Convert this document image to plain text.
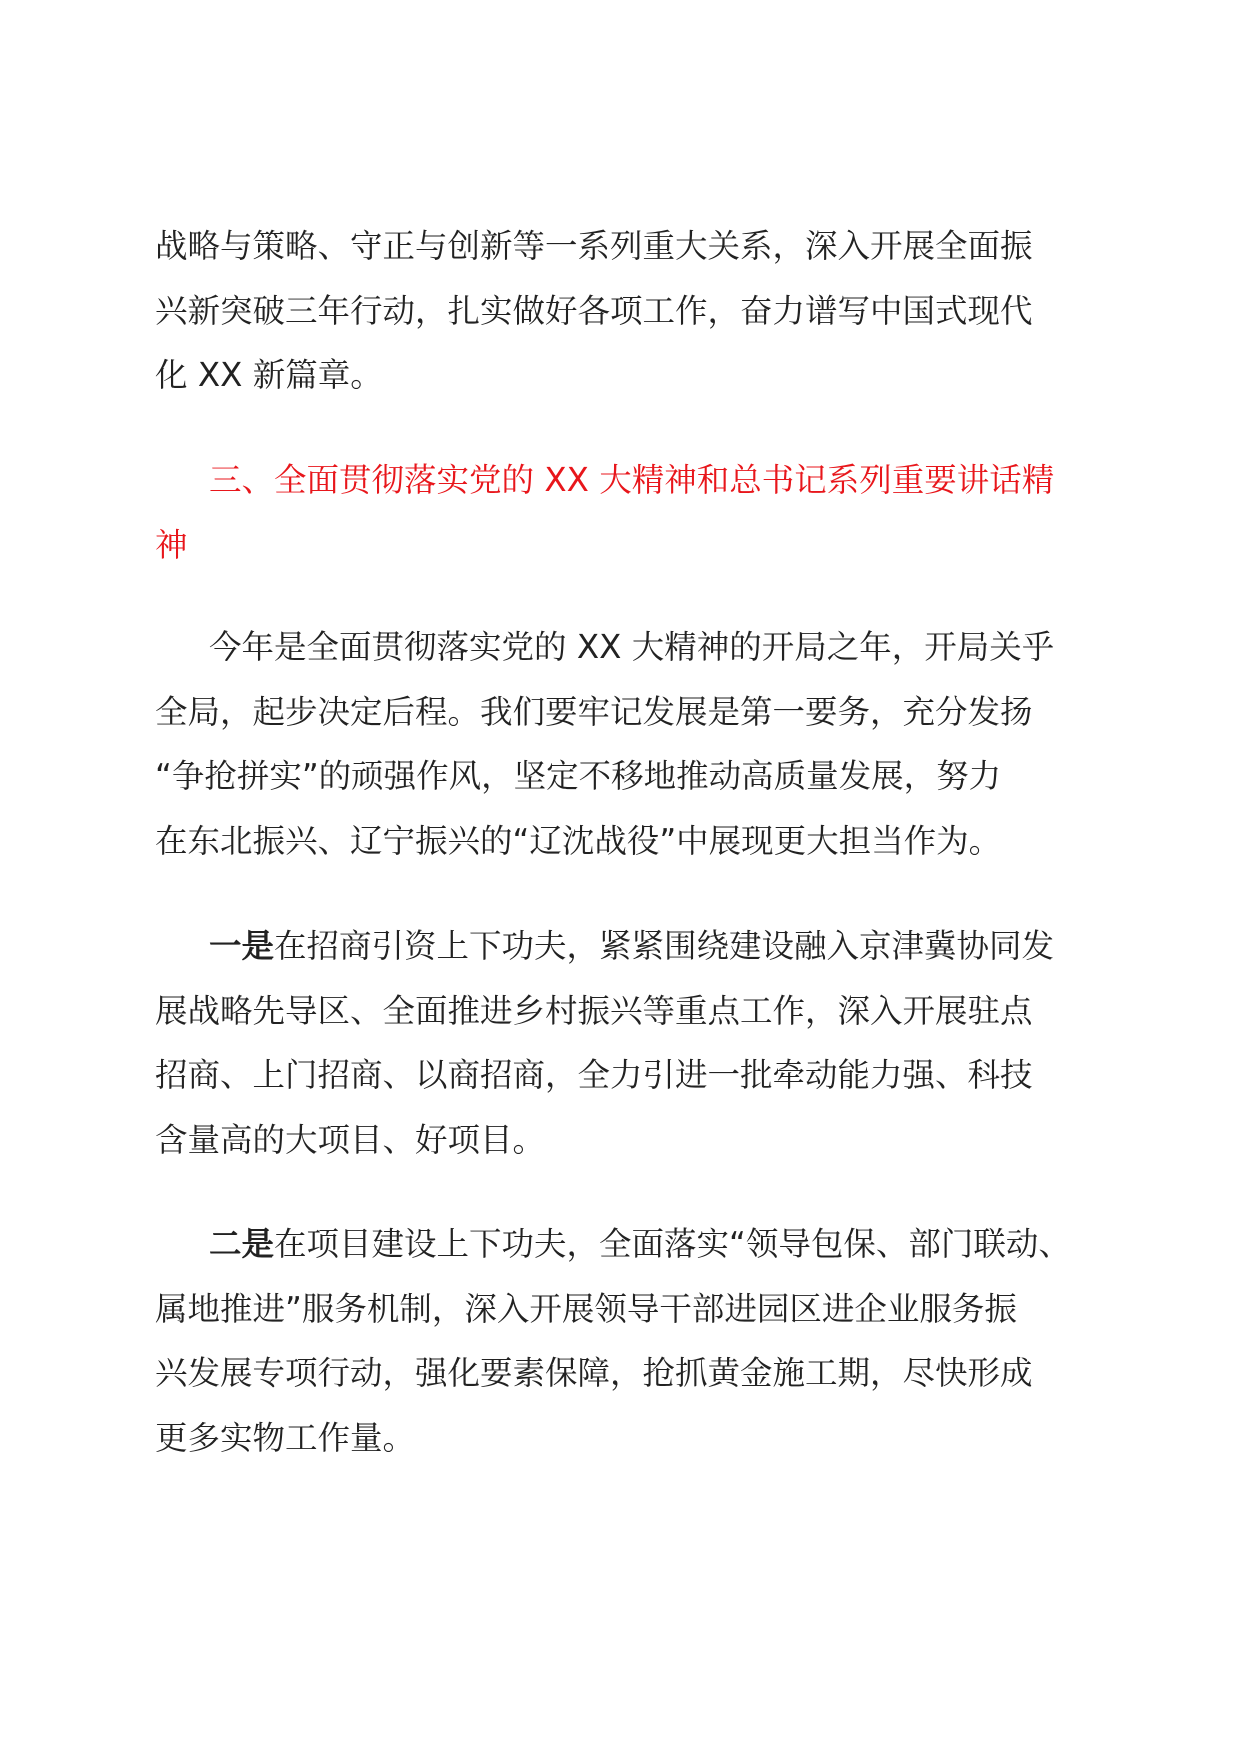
战略与策略、守正与创新等一系列重大关系，深入开展全面振
兴新突破三年行动，扎实做好各项工作，奋力谱写中国式现代
化 XX 新篇章。
三、全面贯彻落实党的 XX 大精神和总书记系列重要讲话精
神
今年是全面贯彻落实党的 XX 大精神的开局之年，开局关乎
全局，起步决定后程。我们要牢记发展是第一要务，充分发扬
“争抢拼实”的顽强作风，坚定不移地推动高质量发展，努力
在东北振兴、辽宁振兴的“辽沈战役”中展现更大担当作为。
一是在招商引资上下功夫，紧紧围绕建设融入京津冀协同发
展战略先导区、全面推进乡村振兴等重点工作，深入开展驻点
招商、上门招商、以商招商，全力引进一批牵动能力强、科技
含量高的大项目、好项目。
二是在项目建设上下功夫，全面落实“领导包保、部门联动、
属地推进”服务机制，深入开展领导干部进园区进企业服务振
兴发展专项行动，强化要素保障，抢抓黄金施工期，尽快形成
更多实物工作量。
